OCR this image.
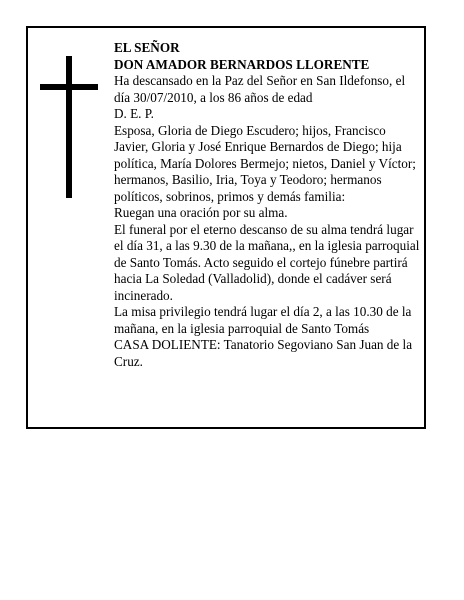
EL SEÑOR
DON AMADOR BERNARDOS LLORENTE
Ha descansado en la Paz del Señor en San Ildefonso, el día 30/07/2010, a los 86 años de edad
D. E. P.
Esposa, Gloria de Diego Escudero; hijos, Francisco Javier, Gloria y José Enrique Bernardos de Diego; hija política, María Dolores Bermejo; nietos, Daniel y Víctor; hermanos, Basilio, Iria, Toya y Teodoro; hermanos políticos, sobrinos, primos y demás familia:
Ruegan una oración por su alma.
El funeral por el eterno descanso de su alma tendrá lugar el día 31, a las 9.30 de la mañana,, en la iglesia parroquial de Santo Tomás. Acto seguido el cortejo fúnebre partirá hacia La Soledad (Valladolid), donde el cadáver será incinerado.
La misa privilegio tendrá lugar el día 2, a las 10.30 de la mañana, en la iglesia parroquial de Santo Tomás
CASA DOLIENTE: Tanatorio Segoviano San Juan de la Cruz.
